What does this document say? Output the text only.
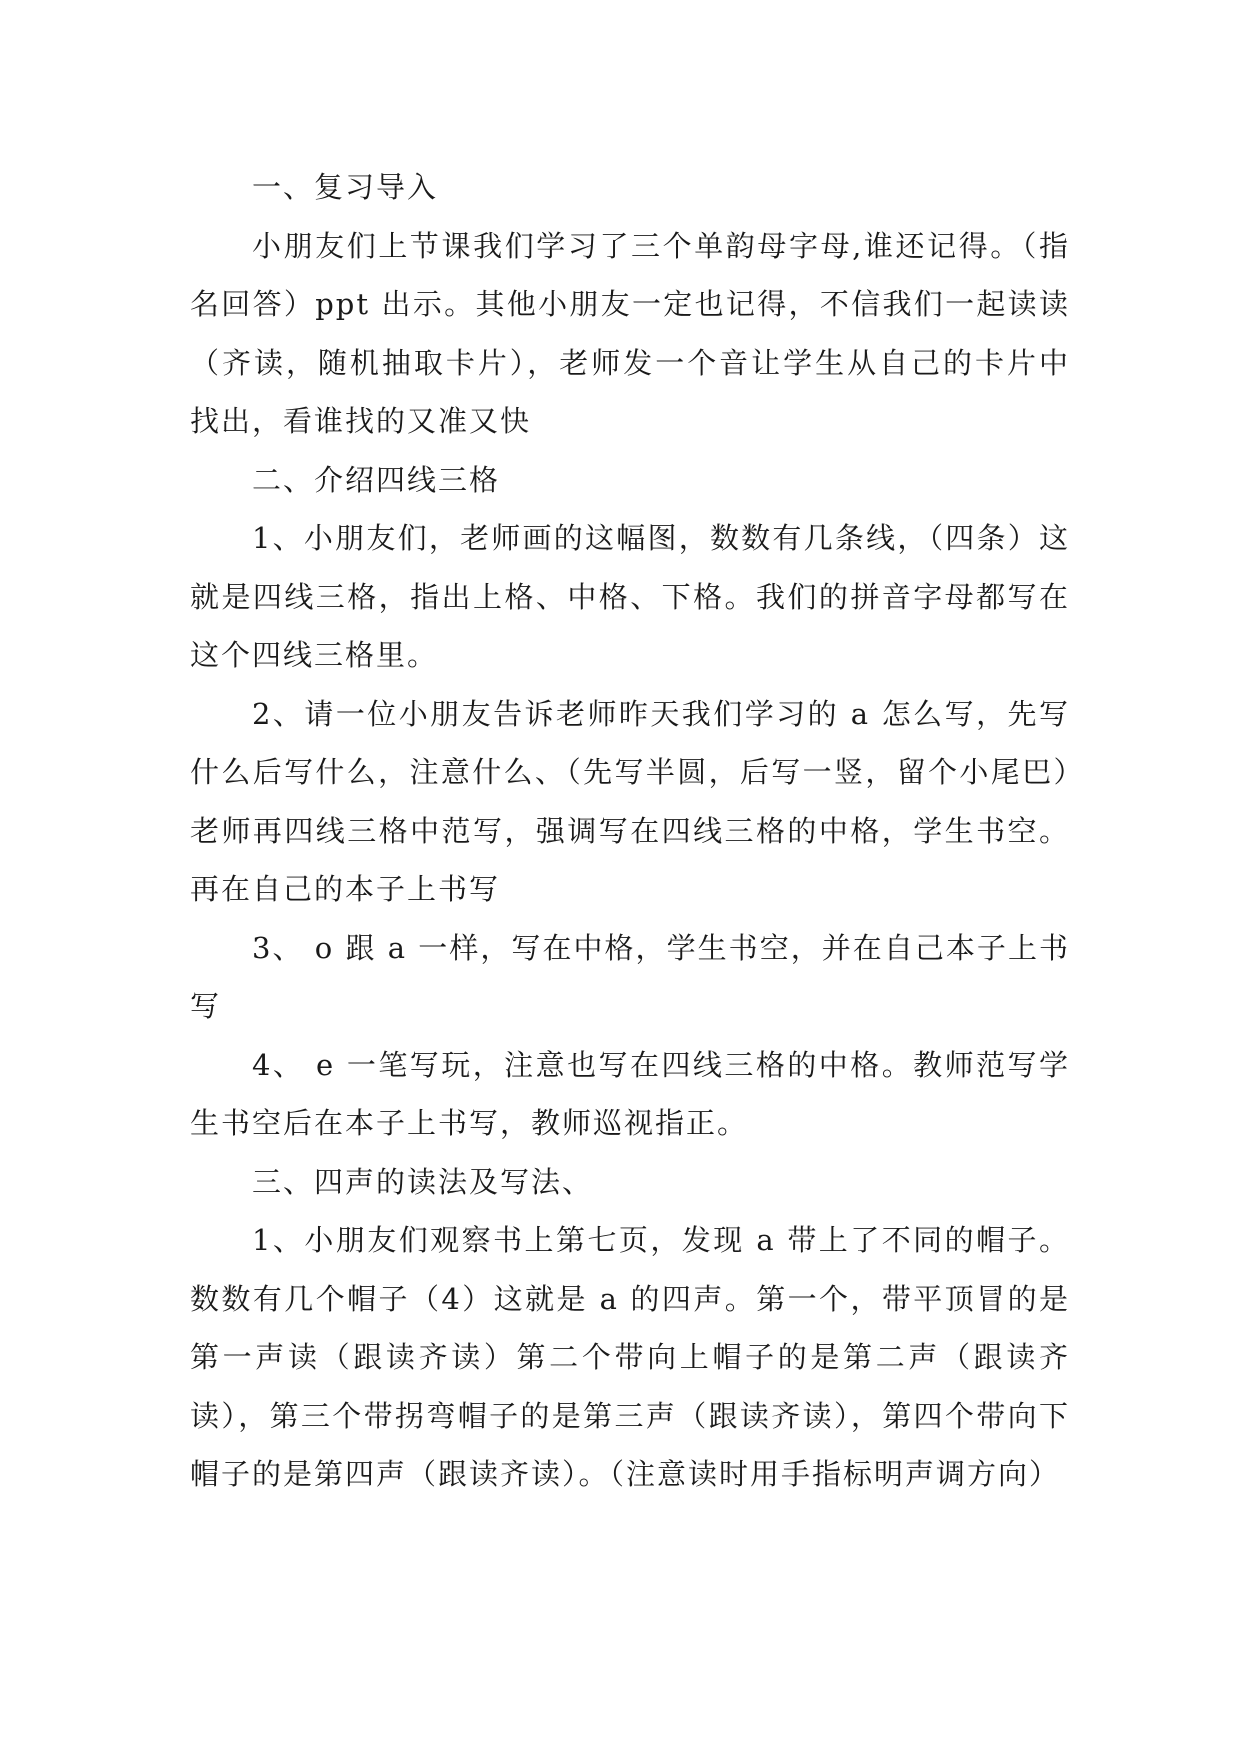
一、复习导入

小朋友们上节课我们学习了三个单韵母字母,谁还记得。（指名回答）ppt 出示。其他小朋友一定也记得，不信我们一起读读（齐读，随机抽取卡片），老师发一个音让学生从自己的卡片中找出，看谁找的又准又快

二、介绍四线三格

1、小朋友们，老师画的这幅图，数数有几条线，（四条）这就是四线三格，指出上格、中格、下格。我们的拼音字母都写在这个四线三格里。

2、请一位小朋友告诉老师昨天我们学习的 a 怎么写，先写什么后写什么，注意什么、（先写半圆，后写一竖，留个小尾巴）老师再四线三格中范写，强调写在四线三格的中格，学生书空。再在自己的本子上书写

3、 o 跟 a 一样，写在中格，学生书空，并在自己本子上书写

4、 e 一笔写玩，注意也写在四线三格的中格。教师范写学生书空后在本子上书写，教师巡视指正。

三、四声的读法及写法、

1、小朋友们观察书上第七页，发现 a 带上了不同的帽子。数数有几个帽子（4）这就是 a 的四声。第一个，带平顶冒的是第一声读（跟读齐读）第二个带向上帽子的是第二声（跟读齐读），第三个带拐弯帽子的是第三声（跟读齐读），第四个带向下帽子的是第四声（跟读齐读）。（注意读时用手指标明声调方向）
